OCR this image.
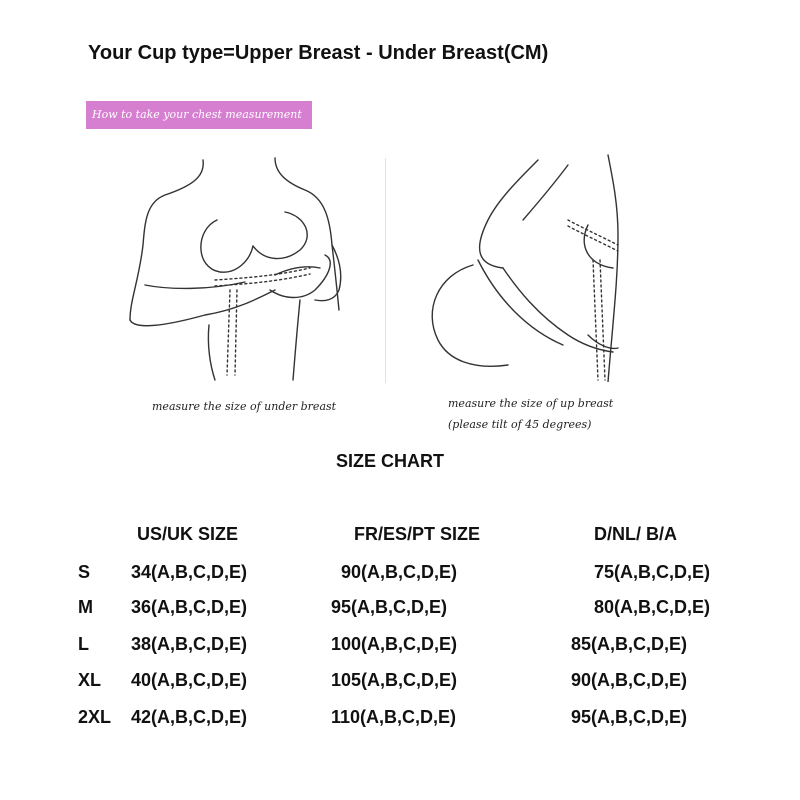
Your Cup type=Upper Breast - Under Breast(CM)
How to take your chest measurement
measure the size of under breast	measure the size of up breast
(please tilt of 45 degrees)
SIZE CHART
US/UK SIZE	FR/ES/PT SIZE	D/NL/ B/A
S 34(A,B,C,D,E)	90(A,B,C,D,E)	75(A,B,C,D,E)
M 36(A,B,C,D,E)	95(A,B,C,D,E)	80(A,B,C,D,E)
L 38(A,B,C,D,E)	100(A,B,C,D,E)	85(A,B,C,D,E)
XL 40(A,B,C,D,E)	105(A,B,C,D,E)	90(A,B,C,D,E)
2XL 42(A,B,C,D,E)	110(A,B,C,D,E)	95(A,B,C,D,E)
